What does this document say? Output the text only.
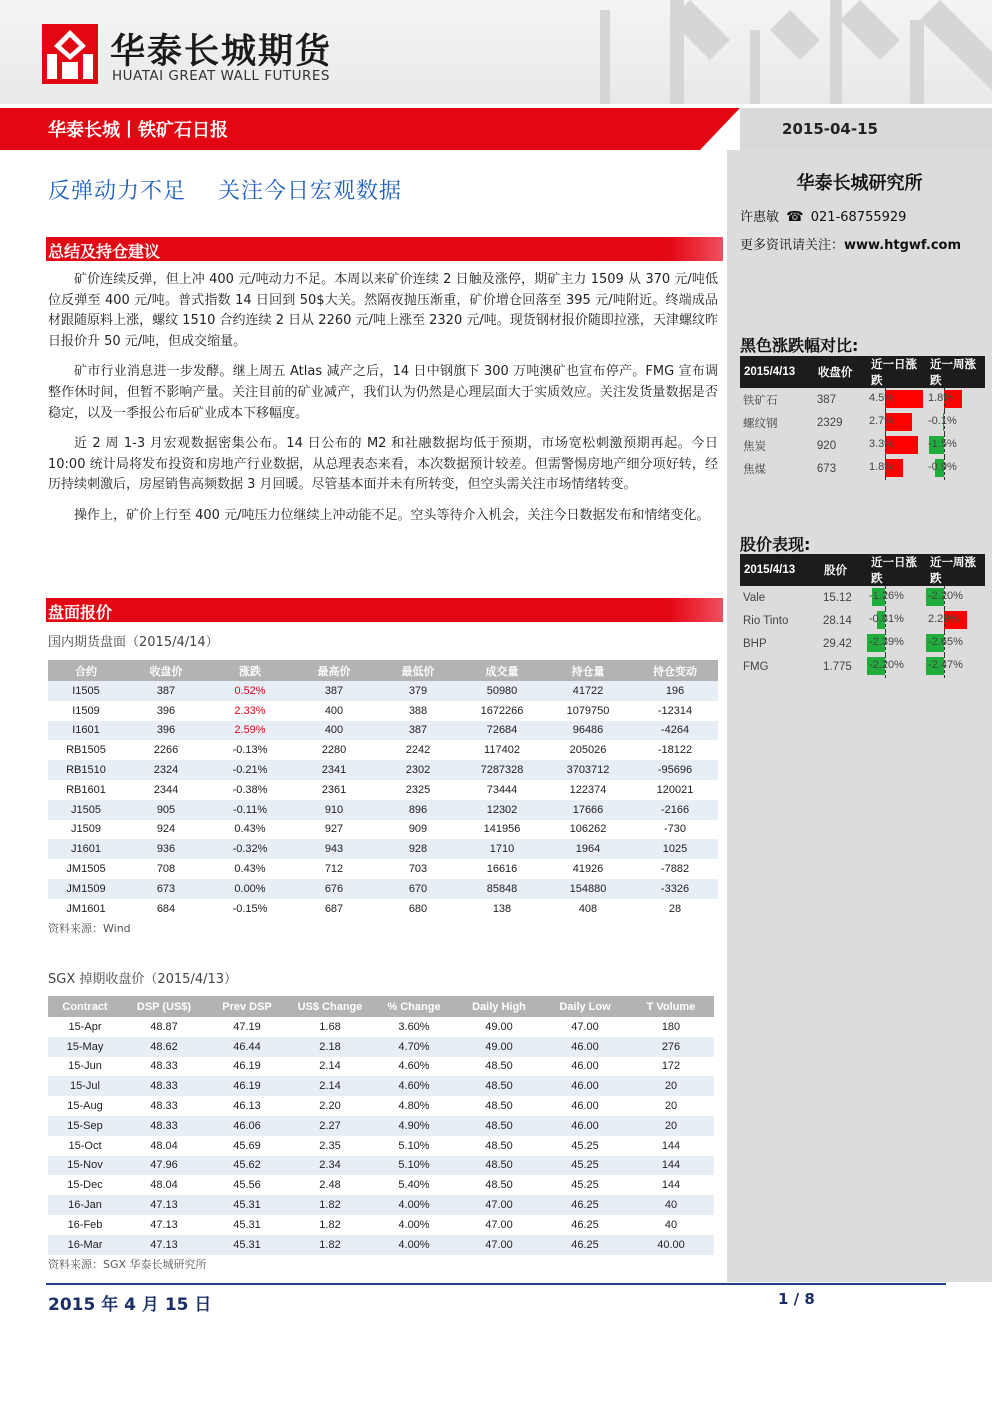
华泰长城期货
HUATAI GREAT WALL FUTURES
华泰长城丨铁矿石日报	2015-04-15
华泰长城研究所
许惠敏 ☎ 021-68755929
更多资讯请关注：www.htgwf.com
黑色涨跌幅对比:
2015/4/13	收盘价	近一日涨跌	近一周涨跌
铁矿石	387	4.5%	1.8%

螺纹钢	2329	2.7%	-0.1%

焦炭	920	3.3%	-1.5%

焦煤	673	1.8%	-0.9%
股价表现:
2015/4/13	股价	近一日涨跌	近一周涨跌
Vale	15.12	-1.26%	-2.20%

Rio Tinto	28.14	-0.81%	2.29%

BHP	29.42	-2.39%	-2.65%

FMG	1.775	-2.20%	-2.47%
反弹动力不足    关注今日宏观数据
总结及持仓建议

矿价连续反弹，但上冲 400 元/吨动力不足。本周以来矿价连续 2 日触及涨停，期矿主力 1509 从 370 元/吨低位反弹至 400 元/吨。普式指数 14 日回到 50$大关。然隔夜抛压渐重，矿价增仓回落至 395 元/吨附近。终端成品材跟随原料上涨，螺纹 1510 合约连续 2 日从 2260 元/吨上涨至 2320 元/吨。现货钢材报价随即拉涨，天津螺纹昨日报价升 50 元/吨，但成交缩量。

矿市行业消息进一步发酵。继上周五 Atlas 减产之后，14 日中钢旗下 300 万吨澳矿也宣布停产。FMG 宣布调整作休时间，但暂不影响产量。关注目前的矿业减产，我们认为仍然是心理层面大于实质效应。关注发货量数据是否稳定，以及一季报公布后矿业成本下移幅度。

近 2 周 1-3 月宏观数据密集公布。14 日公布的 M2 和社融数据均低于预期，市场宽松刺激预期再起。今日 10:00 统计局将发布投资和房地产行业数据，从总理表态来看，本次数据预计较差。但需警惕房地产细分项好转，经历持续刺激后，房屋销售高频数据 3 月回暖。尽管基本面并未有所转变，但空头需关注市场情绪转变。

操作上，矿价上行至 400 元/吨压力位继续上冲动能不足。空头等待介入机会，关注今日数据发布和情绪变化。

盘面报价
国内期货盘面（2015/4/14）
合约	收盘价	涨跌	最高价	最低价	成交量	持仓量	持仓变动
I1505	387	0.52%	387	379	50980	41722	196
I1509	396	2.33%	400	388	1672266	1079750	-12314
I1601	396	2.59%	400	387	72684	96486	-4264
RB1505	2266	-0.13%	2280	2242	117402	205026	-18122
RB1510	2324	-0.21%	2341	2302	7287328	3703712	-95696
RB1601	2344	-0.38%	2361	2325	73444	122374	120021
J1505	905	-0.11%	910	896	12302	17666	-2166
J1509	924	0.43%	927	909	141956	106262	-730
J1601	936	-0.32%	943	928	1710	1964	1025
JM1505	708	0.43%	712	703	16616	41926	-7882
JM1509	673	0.00%	676	670	85848	154880	-3326
JM1601	684	-0.15%	687	680	138	408	28
资料来源：Wind
SGX 掉期收盘价（2015/4/13）
Contract	DSP (US$)	Prev DSP	US$ Change	% Change	Daily High	Daily Low	T Volume
15-Apr	48.87	47.19	1.68	3.60%	49.00	47.00	180
15-May	48.62	46.44	2.18	4.70%	49.00	46.00	276
15-Jun	48.33	46.19	2.14	4.60%	48.50	46.00	172
15-Jul	48.33	46.19	2.14	4.60%	48.50	46.00	20
15-Aug	48.33	46.13	2.20	4.80%	48.50	46.00	20
15-Sep	48.33	46.06	2.27	4.90%	48.50	46.00	20
15-Oct	48.04	45.69	2.35	5.10%	48.50	45.25	144
15-Nov	47.96	45.62	2.34	5.10%	48.50	45.25	144
15-Dec	48.04	45.56	2.48	5.40%	48.50	45.25	144
16-Jan	47.13	45.31	1.82	4.00%	47.00	46.25	40
16-Feb	47.13	45.31	1.82	4.00%	47.00	46.25	40
16-Mar	47.13	45.31	1.82	4.00%	47.00	46.25	40.00
资料来源：SGX 华泰长城研究所
2015 年 4 月 15 日	1 / 8
